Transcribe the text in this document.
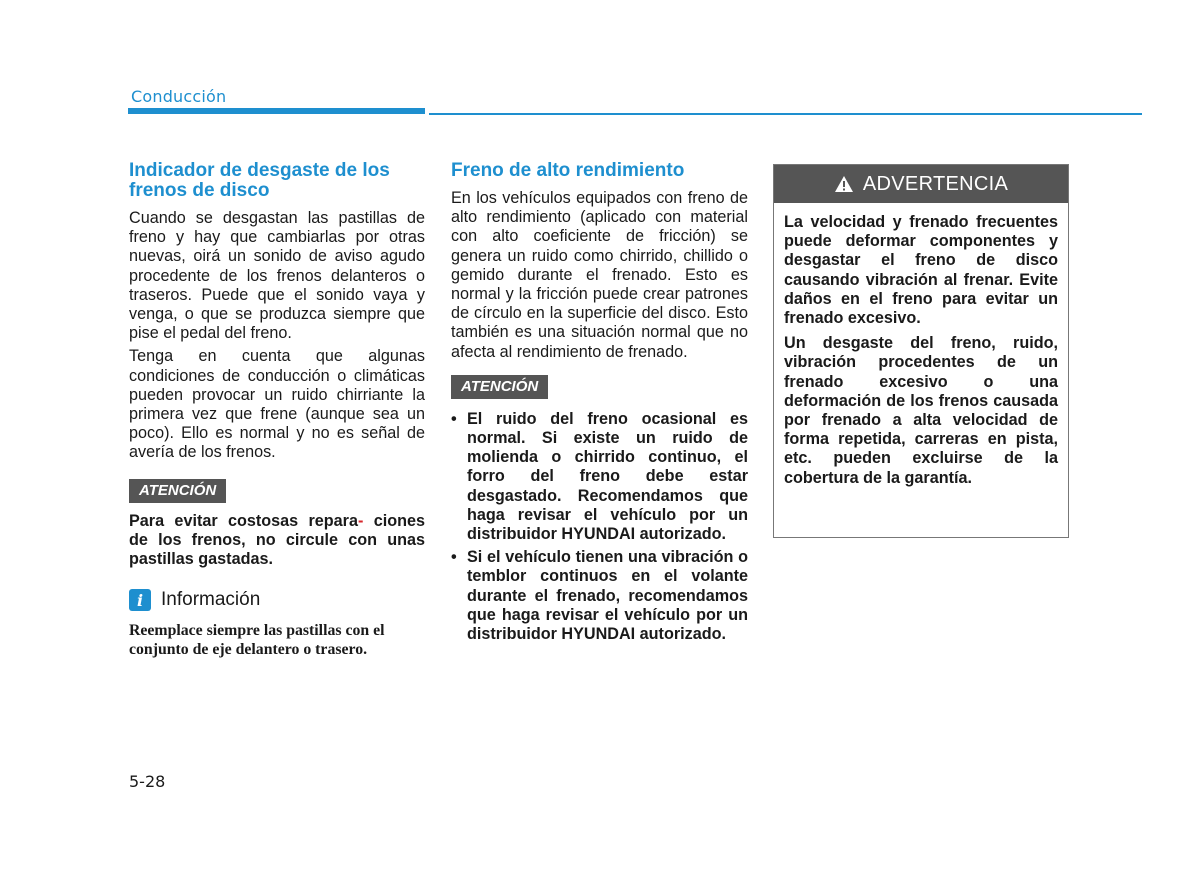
Conducción
Indicador de desgaste de los frenos de disco

Cuando se desgastan las pastillas de freno y hay que cambiarlas por otras nuevas, oirá un sonido de aviso agudo procedente de los frenos delanteros o traseros. Puede que el sonido vaya y venga, o que se produzca siempre que pise el pedal del freno.

Tenga en cuenta que algunas condiciones de conducción o climáticas pueden provocar un ruido chirriante la primera vez que frene (aunque sea un poco). Ello es normal y no es señal de avería de los frenos.

ATENCIÓN

Para evitar costosas repara- ciones de los frenos, no circule con unas pastillas gastadas.

i Información

Reemplace siempre las pastillas con el conjunto de eje delantero o trasero.

Freno de alto rendimiento

En los vehículos equipados con freno de alto rendimiento (aplicado con material con alto coeficiente de fricción) se genera un ruido como chirrido, chillido o gemido durante el frenado. Esto es normal y la fricción puede crear patrones de círculo en la superficie del disco. Esto también es una situación normal que no afecta al rendimiento de frenado.

ATENCIÓN
• El ruido del freno ocasional es normal. Si existe un ruido de molienda o chirrido continuo, el forro del freno debe estar desgastado. Recomendamos que haga revisar el vehículo por un distribuidor HYUNDAI autorizado.
• Si el vehículo tienen una vibración o temblor continuos en el volante durante el frenado, recomendamos que haga revisar el vehículo por un distribuidor HYUNDAI autorizado.
ADVERTENCIA

La velocidad y frenado frecuentes puede deformar componentes y desgastar el freno de disco causando vibración al frenar. Evite daños en el freno para evitar un frenado excesivo.

Un desgaste del freno, ruido, vibración procedentes de un frenado excesivo o una deformación de los frenos causada por frenado a alta velocidad de forma repetida, carreras en pista, etc. pueden excluirse de la cobertura de la garantía.

5-28
